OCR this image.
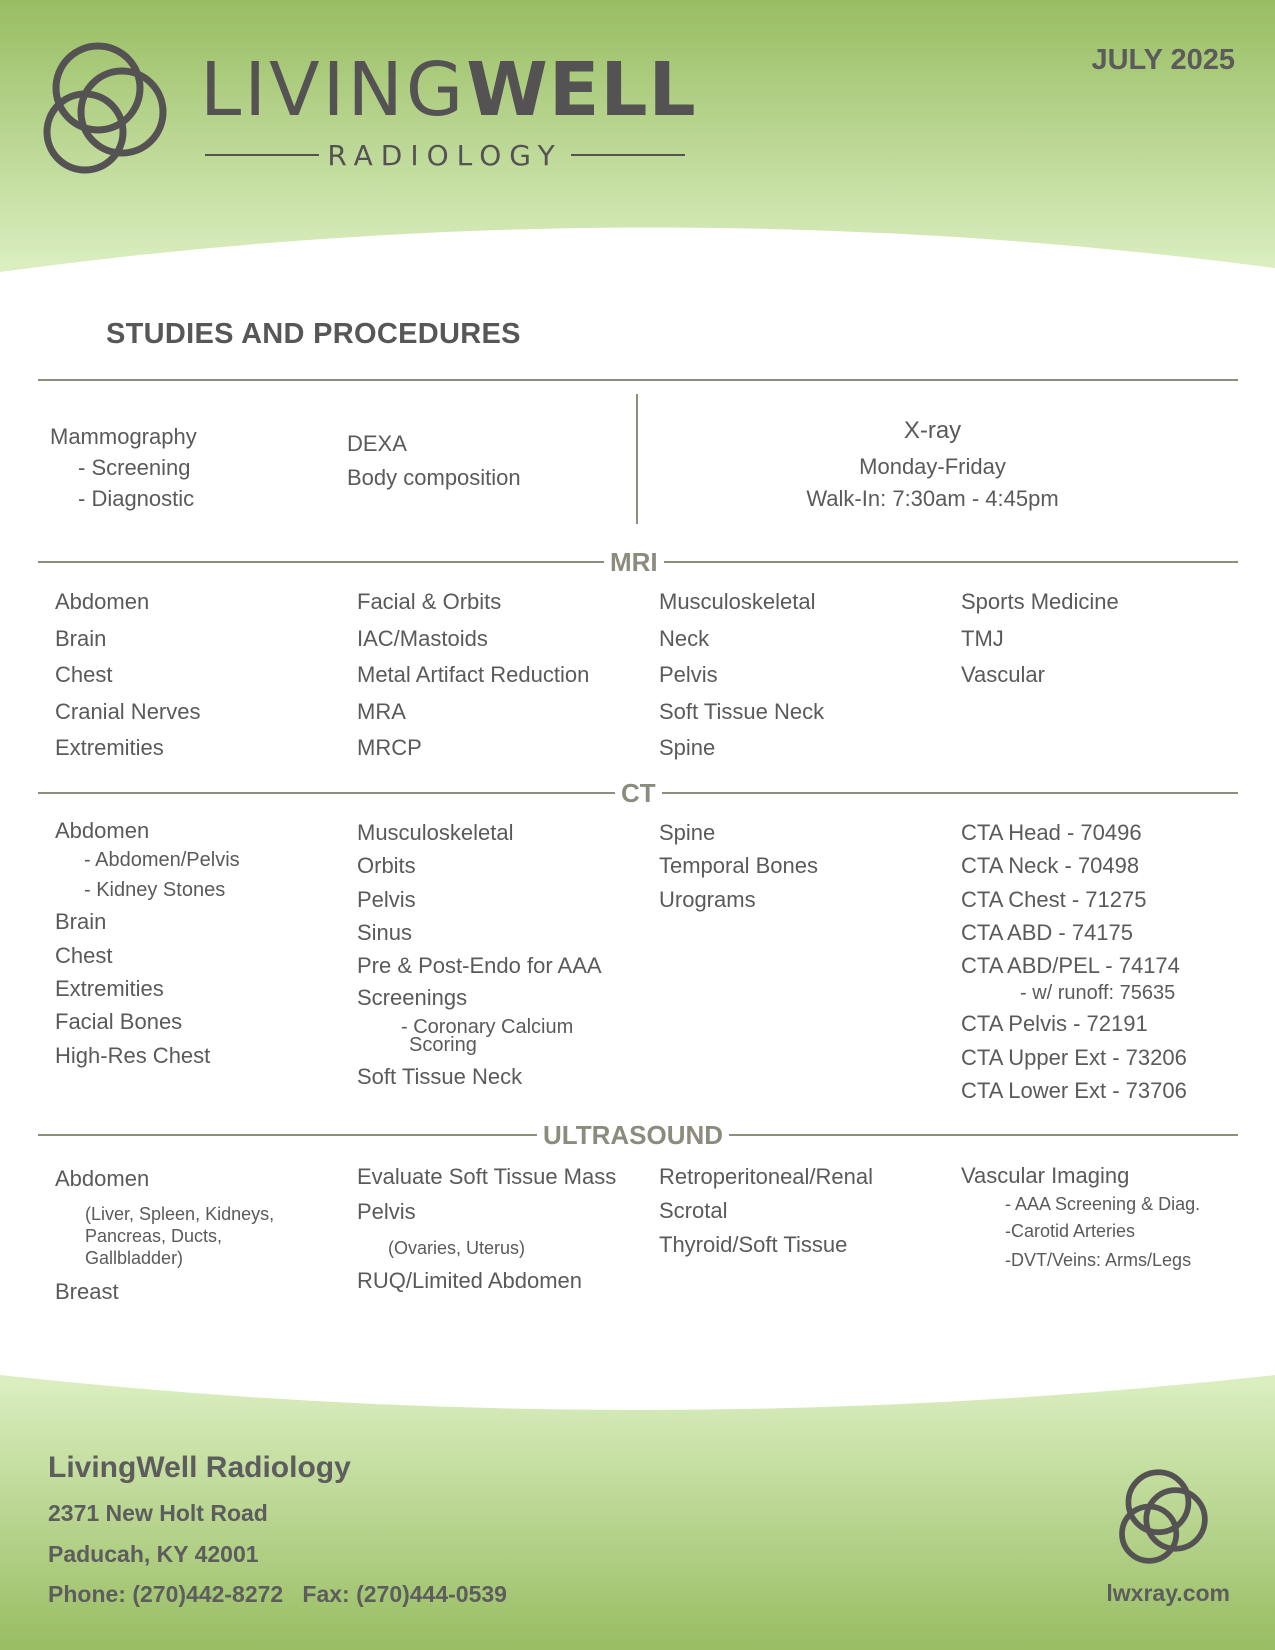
LIVINGWELL
RADIOLOGY
JULY 2025
STUDIES AND PROCEDURES
Mammography
- Screening
- Diagnostic
DEXA
Body composition
X-ray
Monday-Friday
Walk-In: 7:30am - 4:45pm
MRI
Abdomen
Brain
Chest
Cranial Nerves
Extremities
Facial & Orbits
IAC/Mastoids
Metal Artifact Reduction
MRA
MRCP
Musculoskeletal
Neck
Pelvis
Soft Tissue Neck
Spine
Sports Medicine
TMJ
Vascular
CT
Abdomen
- Abdomen/Pelvis
- Kidney Stones
Brain
Chest
Extremities
Facial Bones
High-Res Chest
Musculoskeletal
Orbits
Pelvis
Sinus
Pre & Post-Endo for AAA
Screenings
- Coronary Calcium
Scoring
Soft Tissue Neck
Spine
Temporal Bones
Urograms
CTA Head - 70496
CTA Neck - 70498
CTA Chest - 71275
CTA ABD - 74175
CTA ABD/PEL - 74174
- w/ runoff: 75635
CTA Pelvis - 72191
CTA Upper Ext - 73206
CTA Lower Ext - 73706
ULTRASOUND
Abdomen
(Liver, Spleen, Kidneys,
Pancreas, Ducts,
Gallbladder)
Breast
Evaluate Soft Tissue Mass
Pelvis
(Ovaries, Uterus)
RUQ/Limited Abdomen
Retroperitoneal/Renal
Scrotal
Thyroid/Soft Tissue
Vascular Imaging
- AAA Screening & Diag.
-Carotid Arteries
-DVT/Veins: Arms/Legs
LivingWell Radiology
2371 New Holt Road
Paducah, KY 42001
Phone: (270)442-8272   Fax: (270)444-0539	lwxray.com
